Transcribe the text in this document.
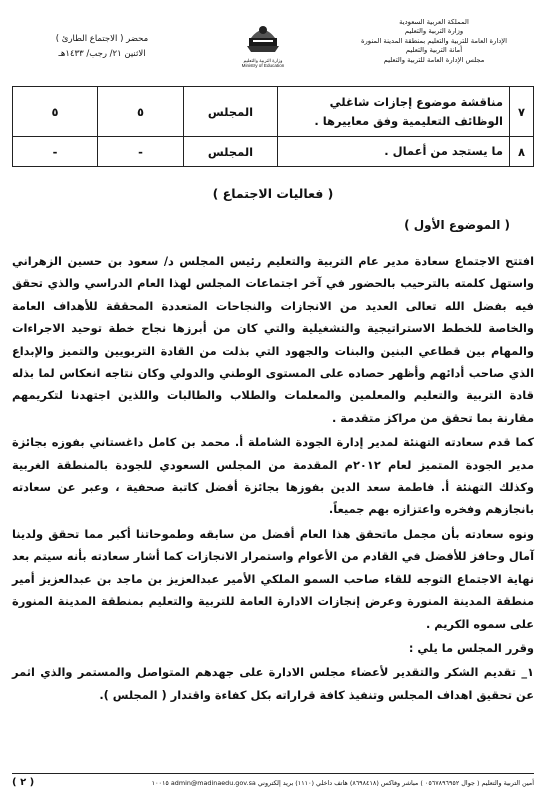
المملكة العربية السعودية
وزارة التربية والتعليم
الإدارة العامة للتربية والتعليم بمنطقة المدينة المنورة
أمانة التربية والتعليم
مجلس الإدارة العامة للتربية والتعليم
وزارة التربية والتعليم
Ministry of Education
محضر ( الاجتماع الطارئ )
الاثنين ٢١/ رجب/ ١٤٣٣هـ
٧	مناقشة موضوع إجازات شاغلي الوظائف التعليمية وفق معاييرها .	المجلس	٥	٥
٨	ما يستجد من أعمال .	المجلس	-	-
( فعاليات الاجتماع )
( الموضوع الأول )

افتتح الاجتماع سعادة مدير عام التربية والتعليم رئيس المجلس د/ سعود بن حسين الزهراني واستهل كلمته بالترحيب بالحضور في آخر اجتماعات المجلس لهذا العام الدراسي والذي تحقق فيه بفضل الله تعالى العديد من الانجازات والنجاحات المتعددة المحققة للأهداف العامة والخاصة للخطط الاستراتيجية والتشغيلية والتي كان من أبرزها نجاح خطة توحيد الاجراءات والمهام بين قطاعي البنين والبنات والجهود التي بذلت من القادة التربويين والتميز والإبداع الذي صاحب أدائهم وأظهر حصاده على المستوى الوطني والدولي وكان نتاجه انعكاس لما بذله قادة التربية والتعليم والمعلمين والمعلمات والطلاب والطالبات واللذين اجتهدنا لتكريمهم مقارنة بما تحقق من مراكز متقدمة .

كما قدم سعادته التهنئة لمدير إدارة الجودة الشاملة أ. محمد بن كامل داغستاني بفوزه بجائزة مدير الجودة المتميز لعام ٢٠١٢م المقدمة من المجلس السعودي للجودة بالمنطقة الغربية وكذلك التهنئة أ. فاطمة سعد الدين بفوزها بجائزة أفضل كاتبة صحفية ، وعبر عن سعادته بانجازهم وفخره واعتزازه بهم جميعاً.

ونوه سعادته بأن مجمل ماتحقق هذا العام أفضل من سابقه وطموحاتنا أكبر مما تحقق ولدينا آمال وحافز للأفضل في القادم من الأعوام واستمرار الانجازات كما أشار سعادته بأنه سيتم بعد نهاية الاجتماع التوجه للقاء صاحب السمو الملكي الأمير عبدالعزيز بن ماجد بن عبدالعزيز أمير منطقة المدينة المنورة وعرض إنجازات الادارة العامة للتربية والتعليم بمنطقة المدينة المنورة على سموه الكريم .

وقرر المجلس ما يلي :

١_ تقديم الشكر والتقدير لأعضاء مجلس الادارة على جهدهم المتواصل والمستمر والذي اثمر عن تحقيق اهداف المجلس وتنفيذ كافة قراراته بكل كفاءة واقتدار ( المجلس ).

أمين التربية والتعليم ( جوال ٠٥٦٧٨٩٦٩٥٢ ) مباشر وفاكس (٨٦٩٨٤١٨) هاتف داخلي (١١١٠) بريد إلكتروني admin@madinaedu.gov.sa ١٠٠١٥
( ٢ )
